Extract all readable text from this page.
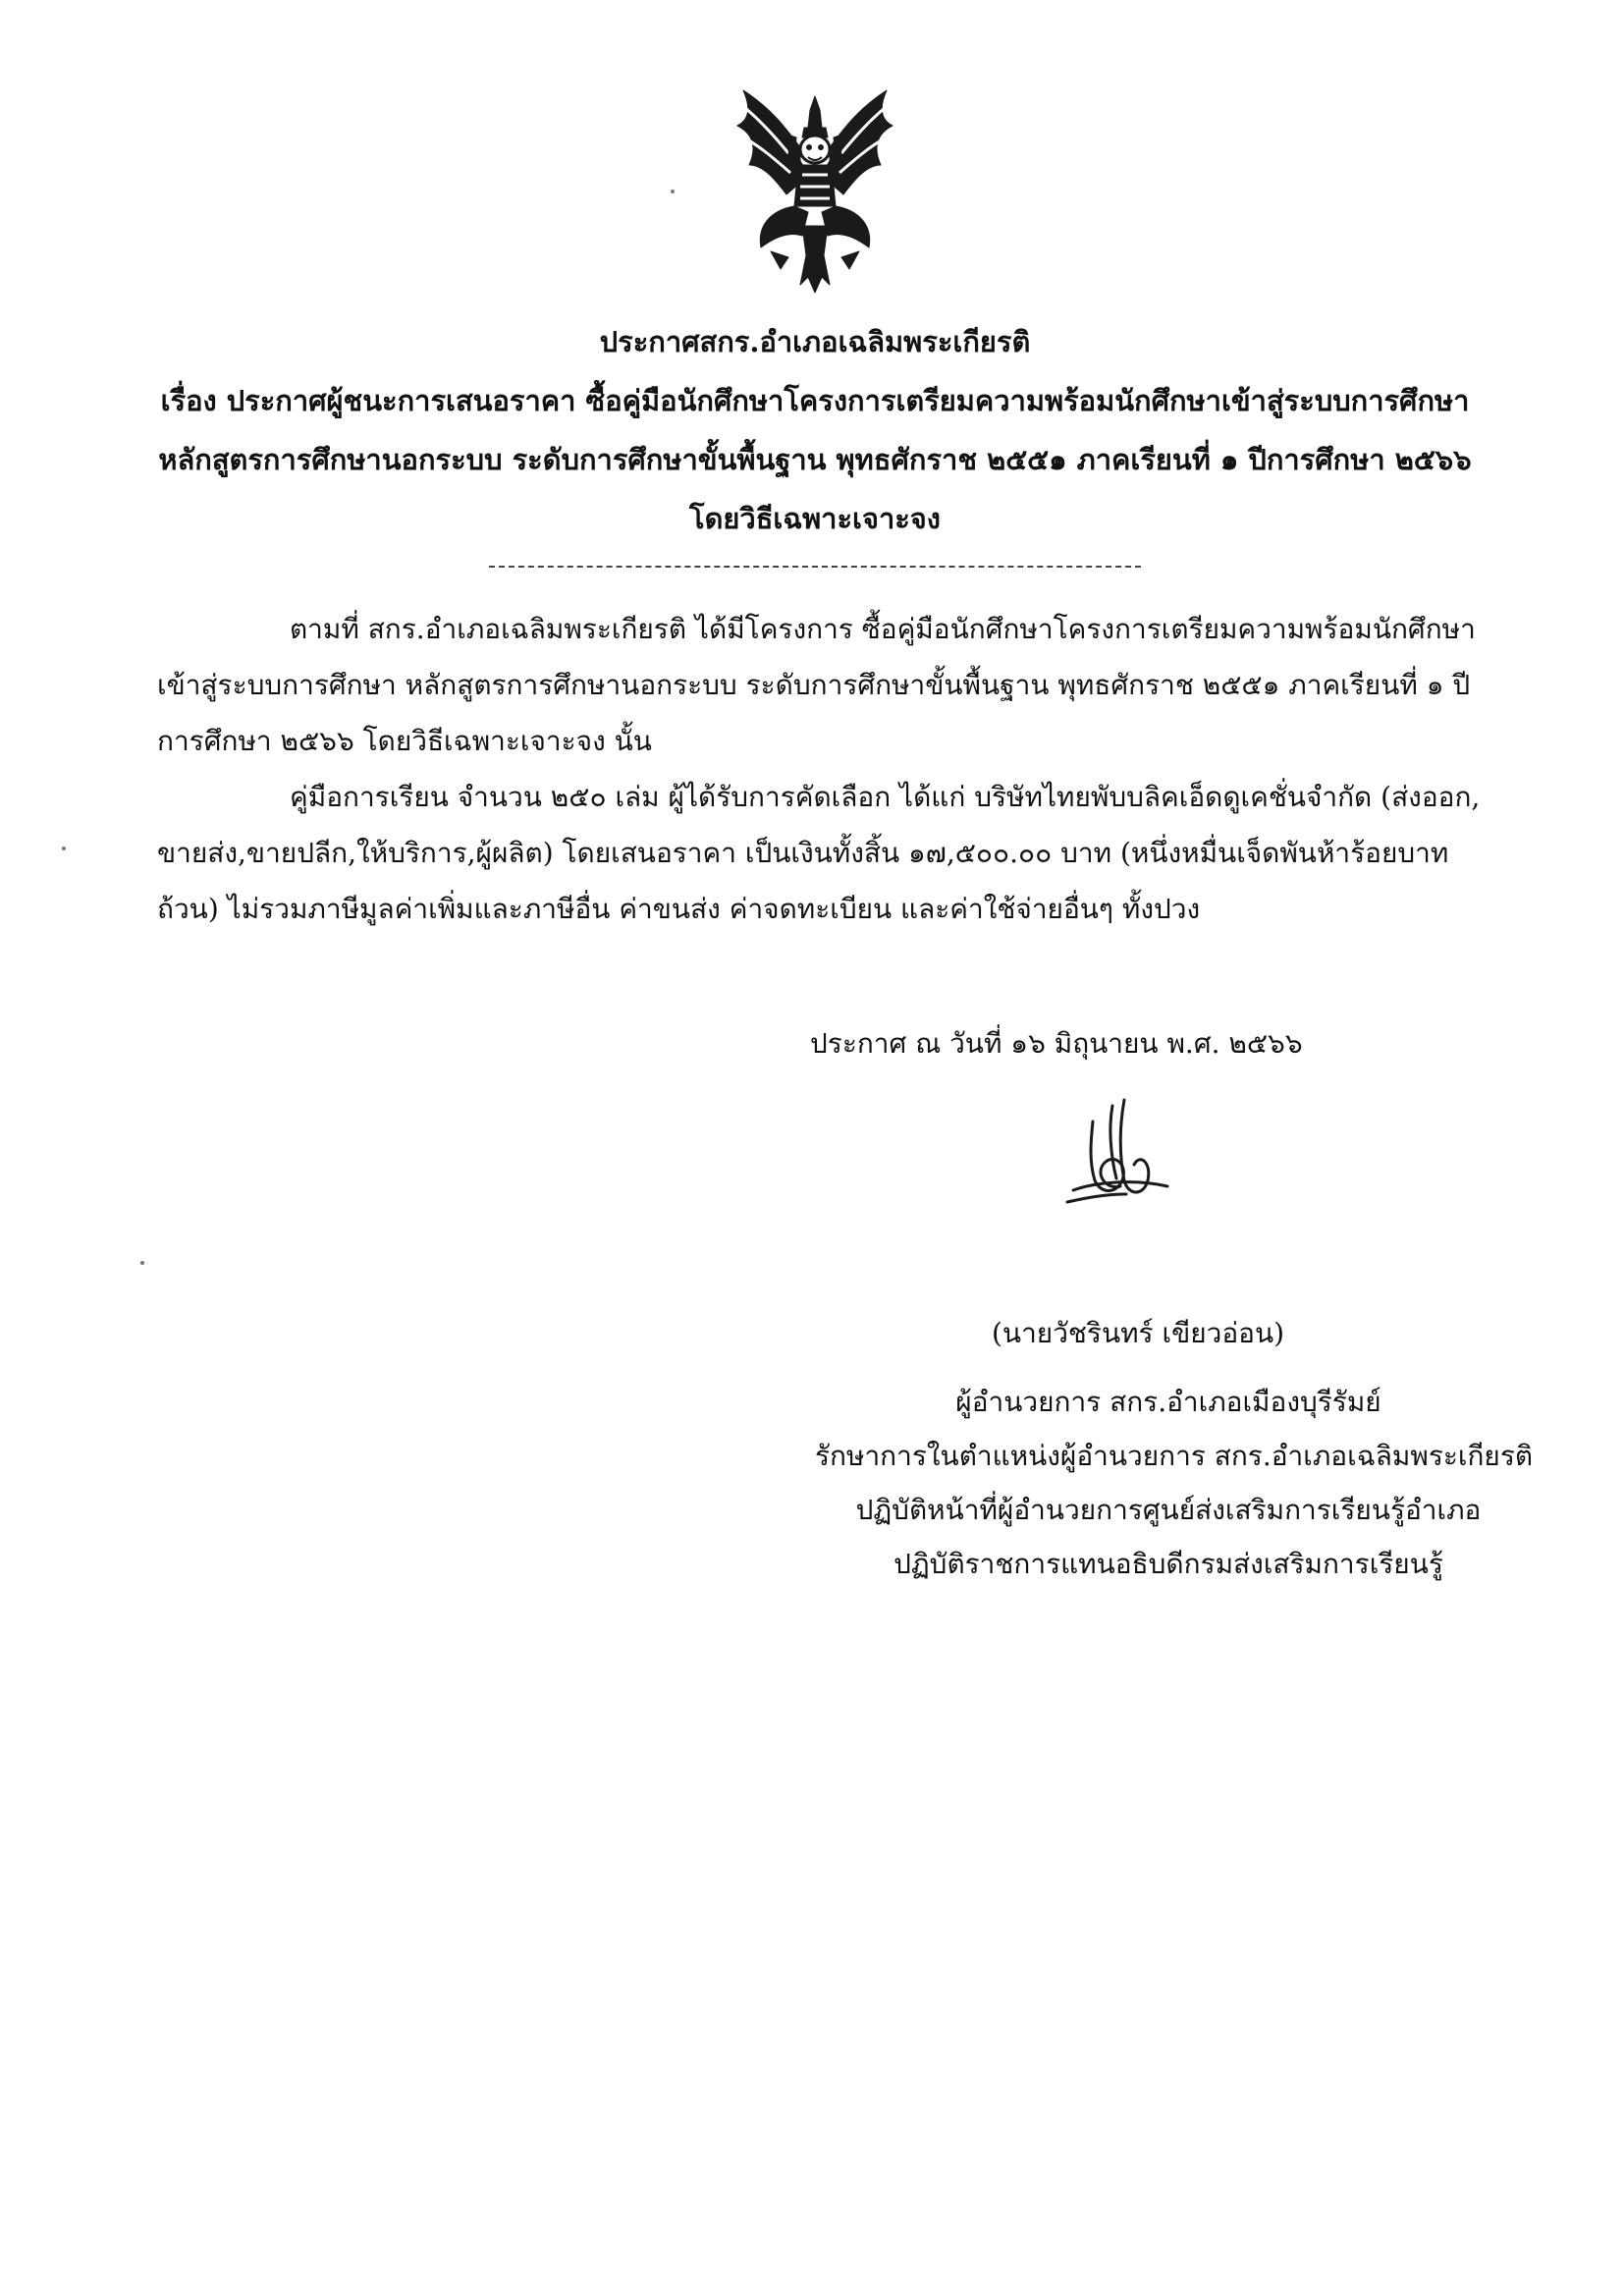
ประกาศสกร.อำเภอเฉลิมพระเกียรติ
เรื่อง ประกาศผู้ชนะการเสนอราคา ซื้อคู่มือนักศึกษาโครงการเตรียมความพร้อมนักศึกษาเข้าสู่ระบบการศึกษา
หลักสูตรการศึกษานอกระบบ ระดับการศึกษาขั้นพื้นฐาน พุทธศักราช ๒๕๕๑ ภาคเรียนที่ ๑ ปีการศึกษา ๒๕๖๖
โดยวิธีเฉพาะเจาะจง
ตามที่ สกร.อำเภอเฉลิมพระเกียรติ ได้มีโครงการ ซื้อคู่มือนักศึกษาโครงการเตรียมความพร้อมนักศึกษา
เข้าสู่ระบบการศึกษา หลักสูตรการศึกษานอกระบบ ระดับการศึกษาขั้นพื้นฐาน พุทธศักราช ๒๕๕๑ ภาคเรียนที่ ๑ ปี
การศึกษา ๒๕๖๖ โดยวิธีเฉพาะเจาะจง นั้น
คู่มือการเรียน จำนวน ๒๕๐ เล่ม ผู้ได้รับการคัดเลือก ได้แก่ บริษัทไทยพับบลิคเอ็ดดูเคชั่นจำกัด (ส่งออก,
ขายส่ง,ขายปลีก,ให้บริการ,ผู้ผลิต) โดยเสนอราคา เป็นเงินทั้งสิ้น ๑๗,๕๐๐.๐๐ บาท (หนึ่งหมื่นเจ็ดพันห้าร้อยบาท
ถ้วน) ไม่รวมภาษีมูลค่าเพิ่มและภาษีอื่น ค่าขนส่ง ค่าจดทะเบียน และค่าใช้จ่ายอื่นๆ ทั้งปวง
ประกาศ ณ วันที่ ๑๖ มิถุนายน พ.ศ. ๒๕๖๖
(นายวัชรินทร์ เขียวอ่อน)
ผู้อำนวยการ สกร.อำเภอเมืองบุรีรัมย์
รักษาการในตำแหน่งผู้อำนวยการ สกร.อำเภอเฉลิมพระเกียรติ
ปฏิบัติหน้าที่ผู้อำนวยการศูนย์ส่งเสริมการเรียนรู้อำเภอ
ปฏิบัติราชการแทนอธิบดีกรมส่งเสริมการเรียนรู้
